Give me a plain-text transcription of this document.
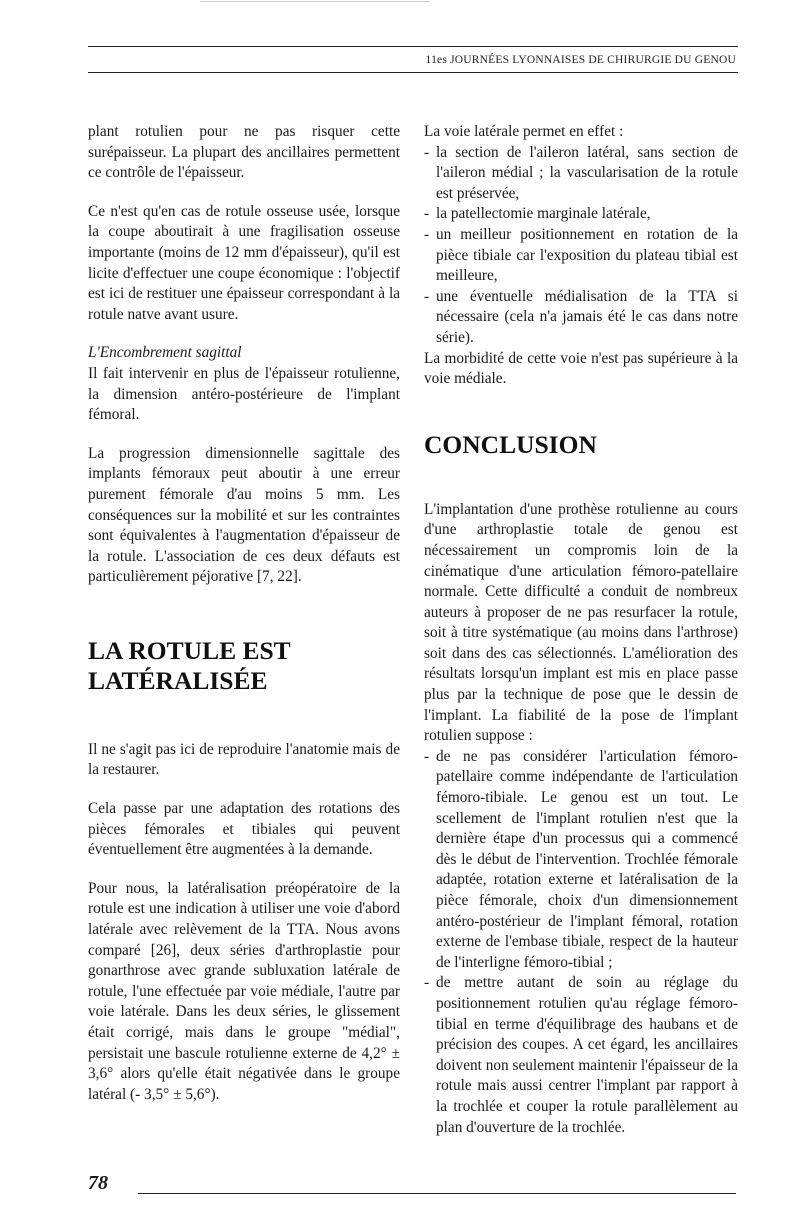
11es JOURNÉES LYONNAISES DE CHIRURGIE DU GENOU

plant rotulien pour ne pas risquer cette surépaisseur. La plupart des ancillaires permettent ce contrôle de l'épaisseur.

Ce n'est qu'en cas de rotule osseuse usée, lorsque la coupe aboutirait à une fragilisation osseuse importante (moins de 12 mm d'épaisseur), qu'il est licite d'effectuer une coupe économique : l'objectif est ici de restituer une épaisseur correspondant à la rotule natve avant usure.

L'Encombrement sagittal

Il fait intervenir en plus de l'épaisseur rotulienne, la dimension antéro-postérieure de l'implant fémoral.

La progression dimensionnelle sagittale des implants fémoraux peut aboutir à une erreur purement fémorale d'au moins 5 mm. Les conséquences sur la mobilité et sur les contraintes sont équivalentes à l'augmentation d'épaisseur de la rotule. L'association de ces deux défauts est particulièrement péjorative [7, 22].

LA ROTULE EST
LATÉRALISÉE

Il ne s'agit pas ici de reproduire l'anatomie mais de la restaurer.

Cela passe par une adaptation des rotations des pièces fémorales et tibiales qui peuvent éventuellement être augmentées à la demande.

Pour nous, la latéralisation préopératoire de la rotule est une indication à utiliser une voie d'abord latérale avec relèvement de la TTA. Nous avons comparé [26], deux séries d'arthroplastie pour gonarthrose avec grande subluxation latérale de rotule, l'une effectuée par voie médiale, l'autre par voie latérale. Dans les deux séries, le glissement était corrigé, mais dans le groupe "médial", persistait une bascule rotulienne externe de 4,2° ± 3,6° alors qu'elle était négativée dans le groupe latéral (- 3,5° ± 5,6°).

La voie latérale permet en effet :

- la section de l'aileron latéral, sans section de l'aileron médial ; la vascularisation de la rotule est préservée,
- la patellectomie marginale latérale,
- un meilleur positionnement en rotation de la pièce tibiale car l'exposition du plateau tibial est meilleure,
- une éventuelle médialisation de la TTA si nécessaire (cela n'a jamais été le cas dans notre série).

La morbidité de cette voie n'est pas supérieure à la voie médiale.

CONCLUSION

L'implantation d'une prothèse rotulienne au cours d'une arthroplastie totale de genou est nécessairement un compromis loin de la cinématique d'une articulation fémoro-patellaire normale. Cette difficulté a conduit de nombreux auteurs à proposer de ne pas resurfacer la rotule, soit à titre systématique (au moins dans l'arthrose) soit dans des cas sélectionnés. L'amélioration des résultats lorsqu'un implant est mis en place passe plus par la technique de pose que le dessin de l'implant. La fiabilité de la pose de l'implant rotulien suppose :

- de ne pas considérer l'articulation fémoro-patellaire comme indépendante de l'articulation fémoro-tibiale. Le genou est un tout. Le scellement de l'implant rotulien n'est que la dernière étape d'un processus qui a commencé dès le début de l'intervention. Trochlée fémorale adaptée, rotation externe et latéralisation de la pièce fémorale, choix d'un dimensionnement antéro-postérieur de l'implant fémoral, rotation externe de l'embase tibiale, respect de la hauteur de l'interligne fémoro-tibial ;
- de mettre autant de soin au réglage du positionnement rotulien qu'au réglage fémoro-tibial en terme d'équilibrage des haubans et de précision des coupes. A cet égard, les ancillaires doivent non seulement maintenir l'épaisseur de la rotule mais aussi centrer l'implant par rapport à la trochlée et couper la rotule parallèlement au plan d'ouverture de la trochlée.
78
